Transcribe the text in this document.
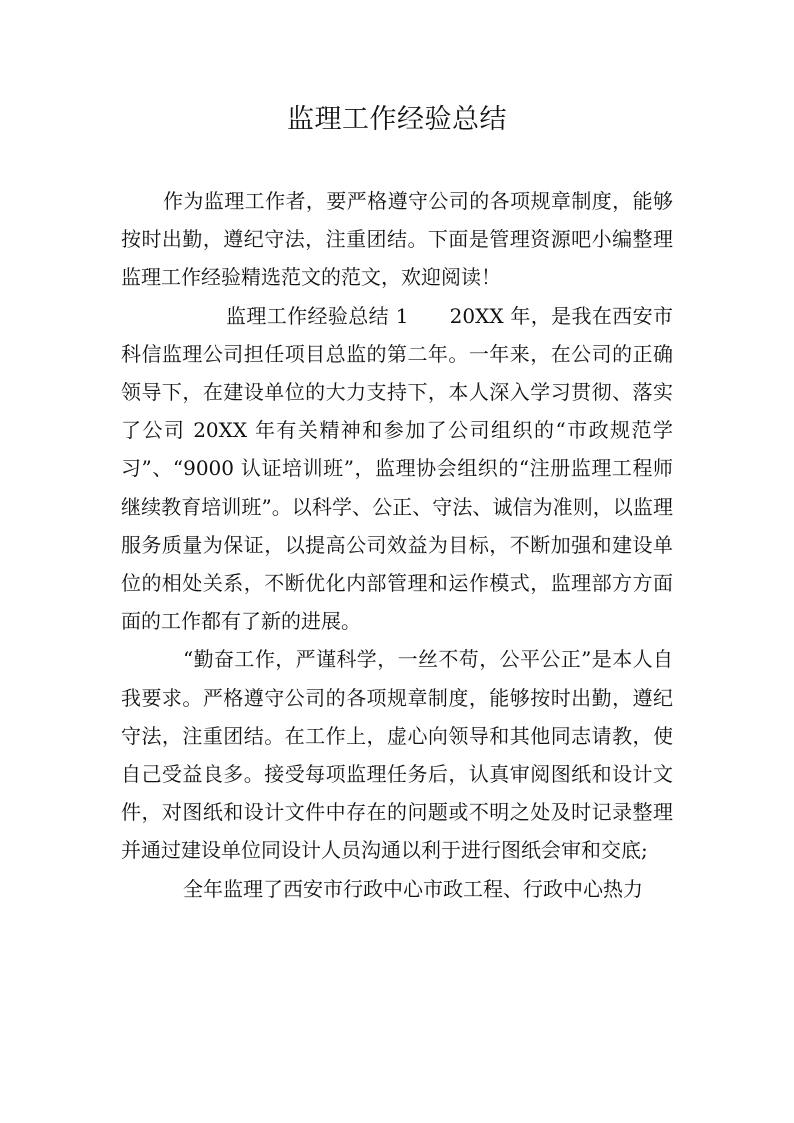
监理工作经验总结

作为监理工作者，要严格遵守公司的各项规章制度，能够按时出勤，遵纪守法，注重团结。下面是管理资源吧小编整理监理工作经验精选范文的范文，欢迎阅读！

监理工作经验总结 1　　20XX 年，是我在西安市科信监理公司担任项目总监的第二年。一年来，在公司的正确领导下，在建设单位的大力支持下，本人深入学习贯彻、落实了公司 20XX 年有关精神和参加了公司组织的“市政规范学习”、“9000 认证培训班”，监理协会组织的“注册监理工程师继续教育培训班”。以科学、公正、守法、诚信为准则，以监理服务质量为保证，以提高公司效益为目标，不断加强和建设单位的相处关系，不断优化内部管理和运作模式，监理部方方面面的工作都有了新的进展。

“勤奋工作，严谨科学，一丝不苟，公平公正”是本人自我要求。严格遵守公司的各项规章制度，能够按时出勤，遵纪守法，注重团结。在工作上，虚心向领导和其他同志请教，使自己受益良多。接受每项监理任务后，认真审阅图纸和设计文件，对图纸和设计文件中存在的问题或不明之处及时记录整理并通过建设单位同设计人员沟通以利于进行图纸会审和交底;

全年监理了西安市行政中心市政工程、行政中心热力
